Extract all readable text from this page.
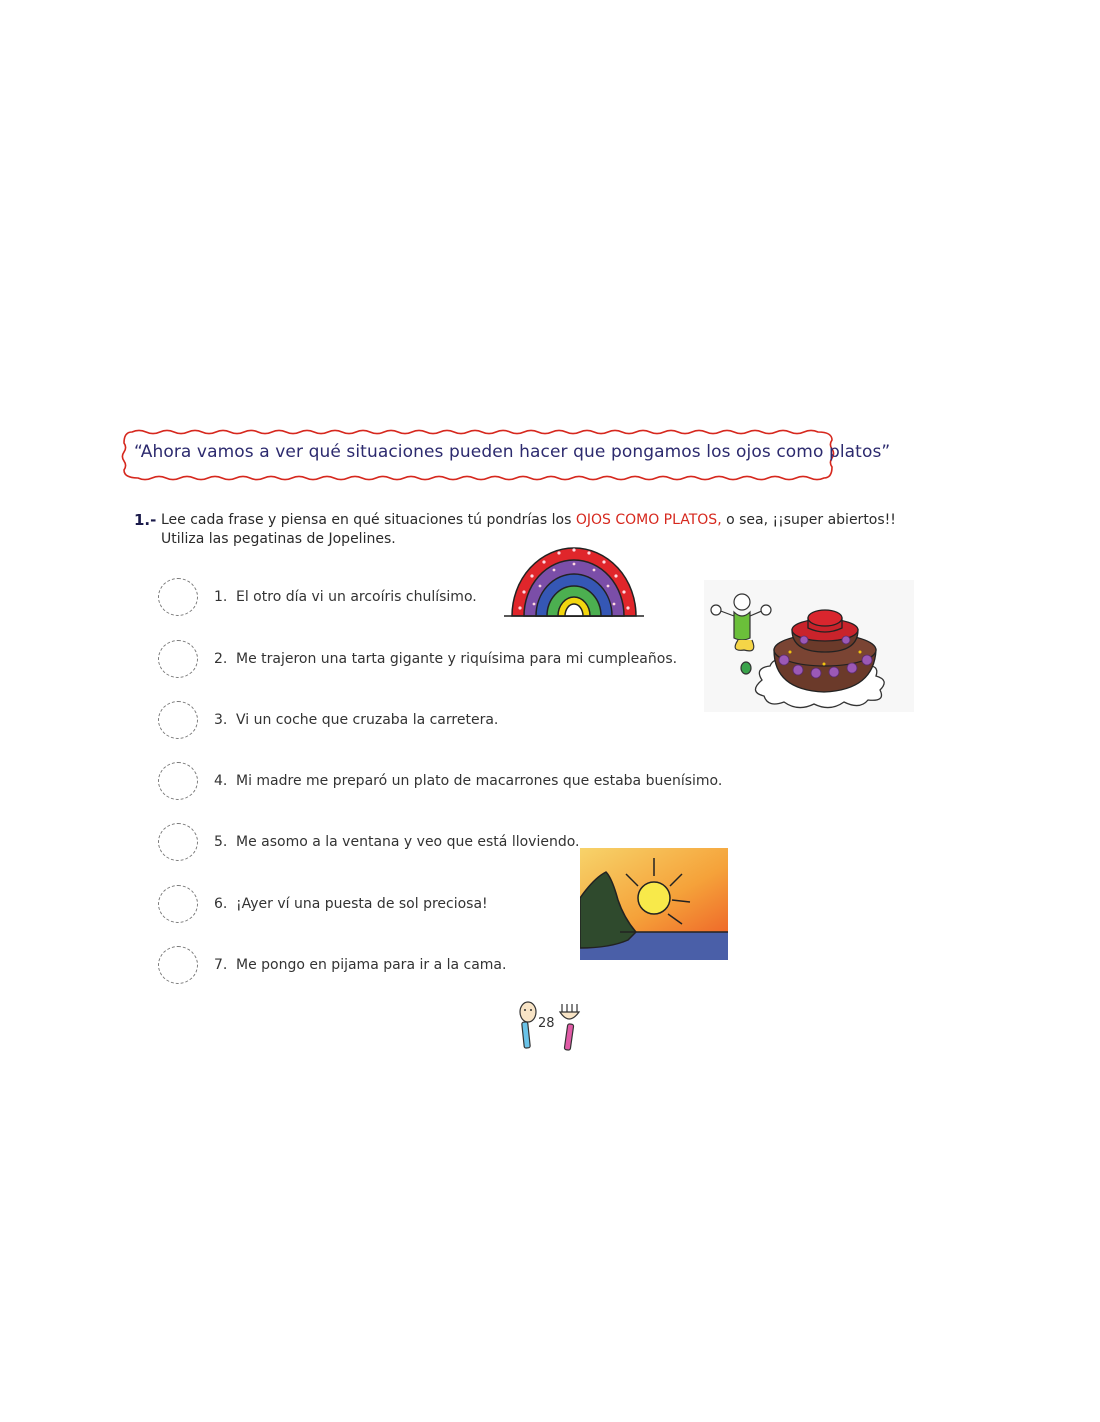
“Ahora vamos a ver qué situaciones pueden hacer que pongamos los ojos como platos”
1.- Lee cada frase y piensa en qué situaciones tú pondrías los OJOS COMO PLATOS, o sea, ¡¡super abiertos!!
Utiliza las pegatinas de Jopelines.
1. El otro día vi un arcoíris chulísimo.
2. Me trajeron una tarta gigante y riquísima para mi cumpleaños.
3. Vi un coche que cruzaba la carretera.
4. Mi madre me preparó un plato de macarrones que estaba buenísimo.
5. Me asomo a la ventana y veo que está lloviendo.
6. ¡Ayer ví una puesta de sol preciosa!
7. Me pongo en pijama para ir a la cama.
28
